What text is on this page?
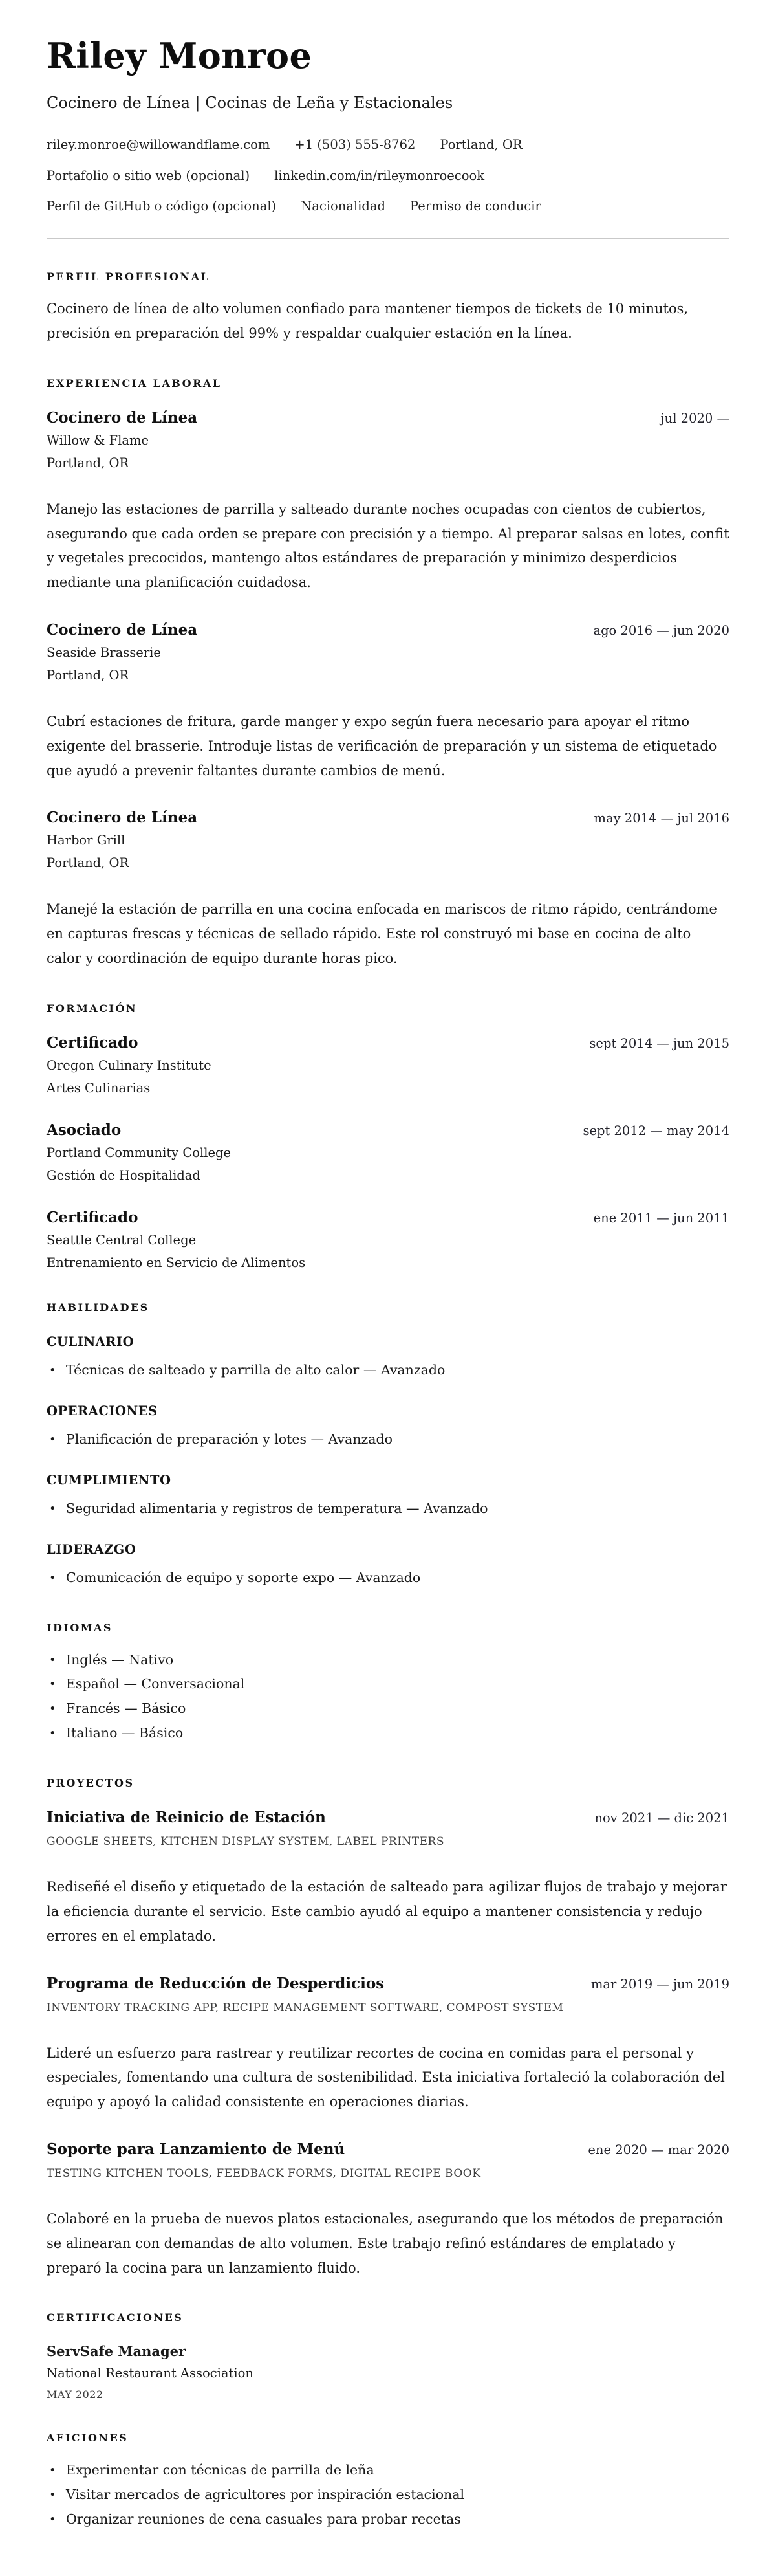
Riley Monroe

Cocinero de Línea | Cocinas de Leña y Estacionales

riley.monroe@willowandflame.com +1 (503) 555-8762 Portland, OR
Portafolio o sitio web (opcional) linkedin.com/in/rileymonroecook
Perfil de GitHub o código (opcional) Nacionalidad Permiso de conducir
PERFIL PROFESIONAL

Cocinero de línea de alto volumen confiado para mantener tiempos de tickets de 10 minutos, precisión en preparación del 99% y respaldar cualquier estación en la línea.

EXPERIENCIA LABORAL
Cocinero de Línea	jul 2020 —
Willow & Flame
Portland, OR

Manejo las estaciones de parrilla y salteado durante noches ocupadas con cientos de cubiertos, asegurando que cada orden se prepare con precisión y a tiempo. Al preparar salsas en lotes, confit y vegetales precocidos, mantengo altos estándares de preparación y minimizo desperdicios mediante una planificación cuidadosa.

Cocinero de Línea	ago 2016 — jun 2020
Seaside Brasserie
Portland, OR

Cubrí estaciones de fritura, garde manger y expo según fuera necesario para apoyar el ritmo exigente del brasserie. Introduje listas de verificación de preparación y un sistema de etiquetado que ayudó a prevenir faltantes durante cambios de menú.

Cocinero de Línea	may 2014 — jul 2016
Harbor Grill
Portland, OR

Manejé la estación de parrilla en una cocina enfocada en mariscos de ritmo rápido, centrándome en capturas frescas y técnicas de sellado rápido. Este rol construyó mi base en cocina de alto calor y coordinación de equipo durante horas pico.

FORMACIÓN
Certificado	sept 2014 — jun 2015
Oregon Culinary Institute
Artes Culinarias
Asociado	sept 2012 — may 2014
Portland Community College
Gestión de Hospitalidad
Certificado	ene 2011 — jun 2011
Seattle Central College
Entrenamiento en Servicio de Alimentos
HABILIDADES
CULINARIO
• Técnicas de salteado y parrilla de alto calor — Avanzado
OPERACIONES
• Planificación de preparación y lotes — Avanzado
CUMPLIMIENTO
• Seguridad alimentaria y registros de temperatura — Avanzado
LIDERAZGO
• Comunicación de equipo y soporte expo — Avanzado
IDIOMAS
• Inglés — Nativo
• Español — Conversacional
• Francés — Básico
• Italiano — Básico
PROYECTOS
Iniciativa de Reinicio de Estación	nov 2021 — dic 2021
GOOGLE SHEETS, KITCHEN DISPLAY SYSTEM, LABEL PRINTERS

Rediseñé el diseño y etiquetado de la estación de salteado para agilizar flujos de trabajo y mejorar la eficiencia durante el servicio. Este cambio ayudó al equipo a mantener consistencia y redujo errores en el emplatado.

Programa de Reducción de Desperdicios	mar 2019 — jun 2019
INVENTORY TRACKING APP, RECIPE MANAGEMENT SOFTWARE, COMPOST SYSTEM

Lideré un esfuerzo para rastrear y reutilizar recortes de cocina en comidas para el personal y especiales, fomentando una cultura de sostenibilidad. Esta iniciativa fortaleció la colaboración del equipo y apoyó la calidad consistente en operaciones diarias.

Soporte para Lanzamiento de Menú	ene 2020 — mar 2020
TESTING KITCHEN TOOLS, FEEDBACK FORMS, DIGITAL RECIPE BOOK

Colaboré en la prueba de nuevos platos estacionales, asegurando que los métodos de preparación se alinearan con demandas de alto volumen. Este trabajo refinó estándares de emplatado y preparó la cocina para un lanzamiento fluido.

CERTIFICACIONES
ServSafe Manager
National Restaurant Association
MAY 2022
AFICIONES
• Experimentar con técnicas de parrilla de leña
• Visitar mercados de agricultores por inspiración estacional
• Organizar reuniones de cena casuales para probar recetas
